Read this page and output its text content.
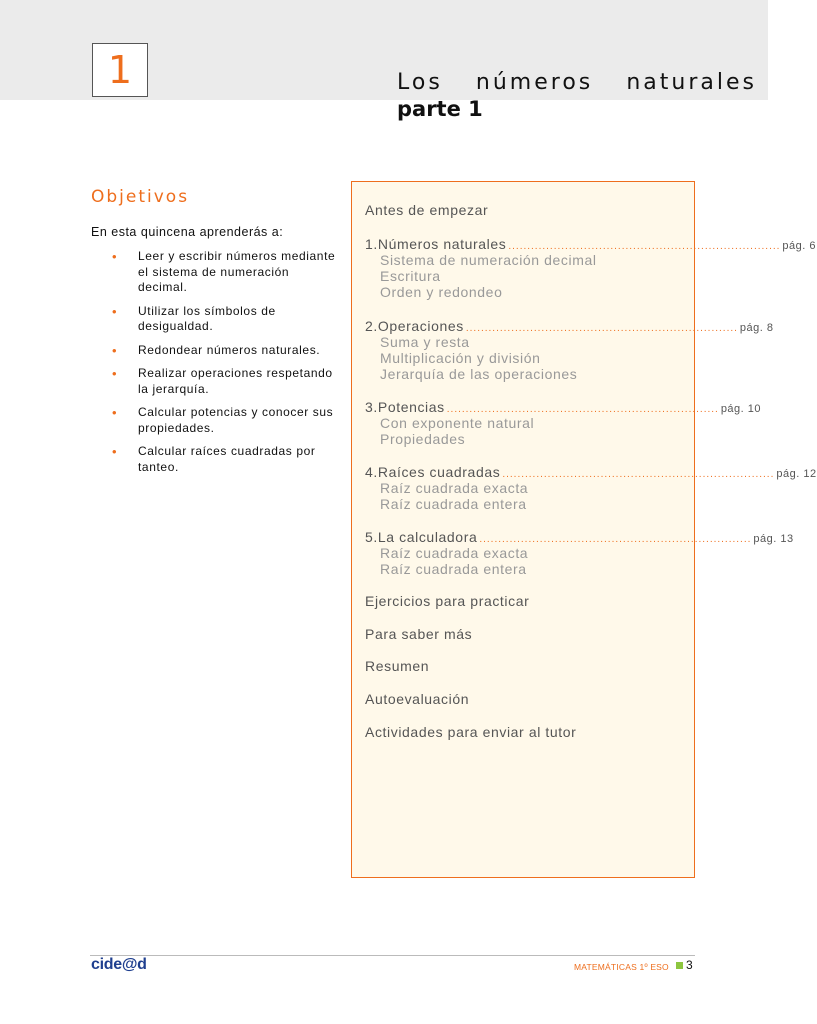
1	Los números naturales
parte 1
Objetivos
En esta quincena aprenderás a:
• Leer y escribir números mediante el sistema de numeración decimal.
• Utilizar los símbolos de desigualdad.
• Redondear números naturales.
• Realizar operaciones respetando la jerarquía.
• Calcular potencias y conocer sus propiedades.
• Calcular raíces cuadradas por tanteo.
Antes de empezar
1.Números naturales ........................................................................ pág. 6
Sistema de numeración decimal
Escritura
Orden y redondeo
2.Operaciones ........................................................................ pág. 8
Suma y resta
Multiplicación y división
Jerarquía de las operaciones
3.Potencias ........................................................................ pág. 10
Con exponente natural
Propiedades
4.Raíces cuadradas ........................................................................ pág. 12
Raíz cuadrada exacta
Raíz cuadrada entera
5.La calculadora ........................................................................ pág. 13
Raíz cuadrada exacta
Raíz cuadrada entera
Ejercicios para practicar
Para saber más
Resumen
Autoevaluación
Actividades para enviar al tutor
cide@d	MATEMÁTICAS 1º ESO 3
